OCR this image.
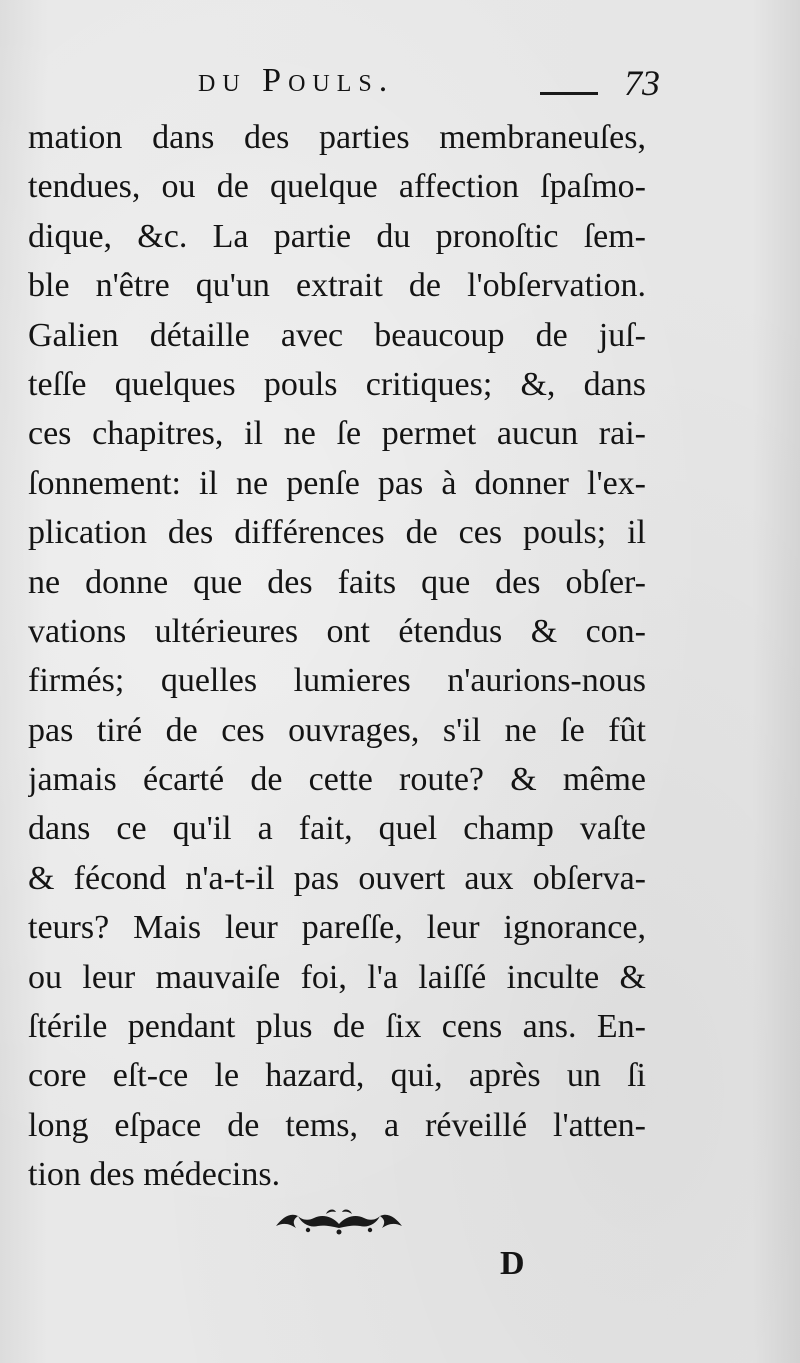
du Pouls.	73
mation dans des parties membraneuſes,
tendues, ou de quelque affection ſpaſmo-
dique, &c. La partie du pronoſtic ſem-
ble n'être qu'un extrait de l'obſervation.
Galien détaille avec beaucoup de juſ-
teſſe quelques pouls critiques; &, dans
ces chapitres, il ne ſe permet aucun rai-
ſonnement: il ne penſe pas à donner l'ex-
plication des différences de ces pouls; il
ne donne que des faits que des obſer-
vations ultérieures ont étendus & con-
firmés; quelles lumieres n'aurions-nous
pas tiré de ces ouvrages, s'il ne ſe fût
jamais écarté de cette route? & même
dans ce qu'il a fait, quel champ vaſte
& fécond n'a-t-il pas ouvert aux obſerva-
teurs? Mais leur pareſſe, leur ignorance,
ou leur mauvaiſe foi, l'a laiſſé inculte &
ſtérile pendant plus de ſix cens ans. En-
core eſt-ce le hazard, qui, après un ſi
long eſpace de tems, a réveillé l'atten-
tion des médecins.
D
